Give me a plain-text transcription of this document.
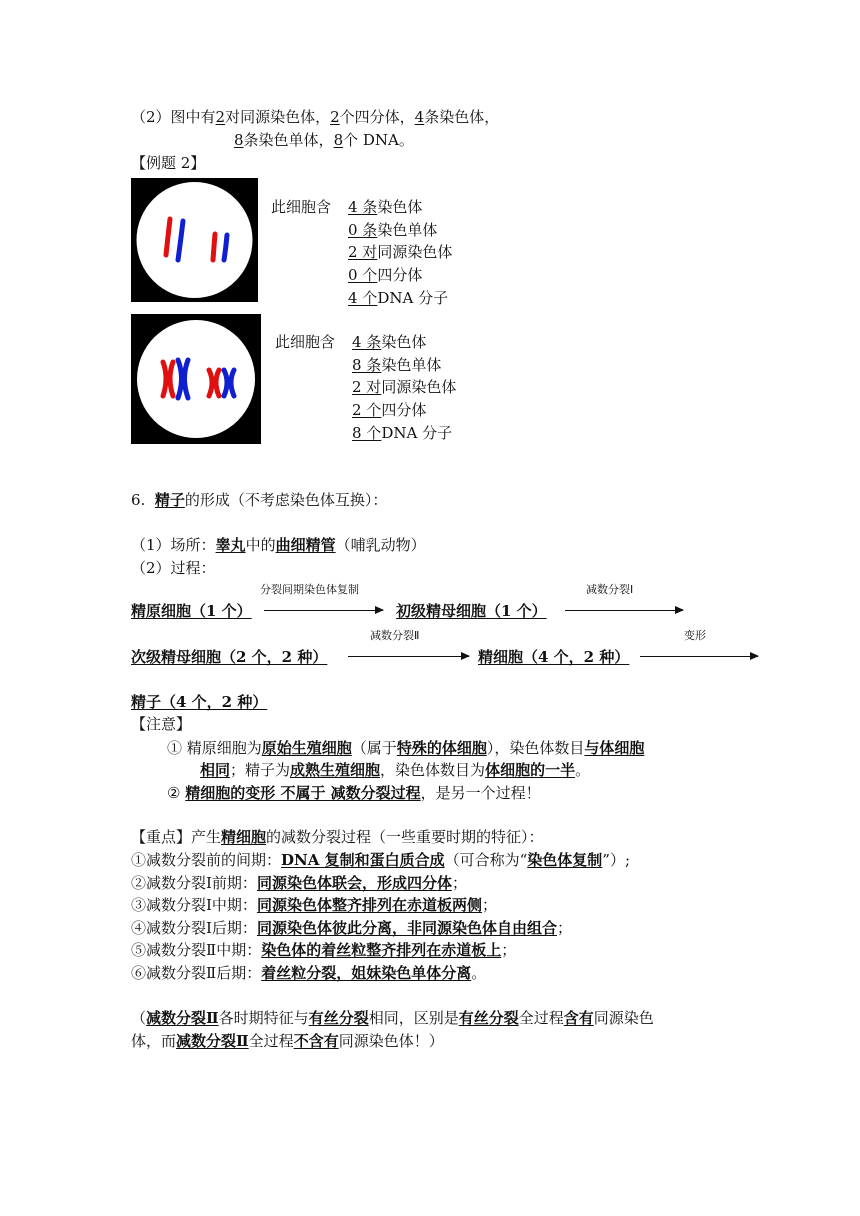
（2）图中有2对同源染色体，2个四分体，4条染色体，
8条染色单体，8个 DNA。
【例题 2】
此细胞含 4 条染色体
0 条染色单体
2 对同源染色体
0 个四分体
4 个DNA 分子
此细胞含 4 条染色体
8 条染色单体
2 对同源染色体
2 个四分体
8 个DNA 分子
6. 精子的形成（不考虑染色体互换）：
（1）场所：睾丸中的曲细精管（哺乳动物）
（2）过程：
分裂间期染色体复制	减数分裂Ⅰ
精原细胞（1 个）	初级精母细胞（1 个）
减数分裂Ⅱ	变形
次级精母细胞（2 个，2 种）	精细胞（4 个，2 种）
精子（4 个，2 种）
【注意】
① 精原细胞为原始生殖细胞（属于特殊的体细胞），染色体数目与体细胞
相同；精子为成熟生殖细胞，染色体数目为体细胞的一半。
② 精细胞的变形 不属于 减数分裂过程，是另一个过程！
【重点】产生精细胞的减数分裂过程（一些重要时期的特征）：
①减数分裂前的间期：DNA 复制和蛋白质合成（可合称为“染色体复制”）;
②减数分裂Ⅰ前期：同源染色体联会，形成四分体；
③减数分裂Ⅰ中期：同源染色体整齐排列在赤道板两侧；
④减数分裂Ⅰ后期：同源染色体彼此分离，非同源染色体自由组合；
⑤减数分裂Ⅱ中期：染色体的着丝粒整齐排列在赤道板上；
⑥减数分裂Ⅱ后期：着丝粒分裂，姐妹染色单体分离。
（减数分裂Ⅱ各时期特征与有丝分裂相同，区别是有丝分裂全过程含有同源染色
体，而减数分裂Ⅱ全过程不含有同源染色体！）
